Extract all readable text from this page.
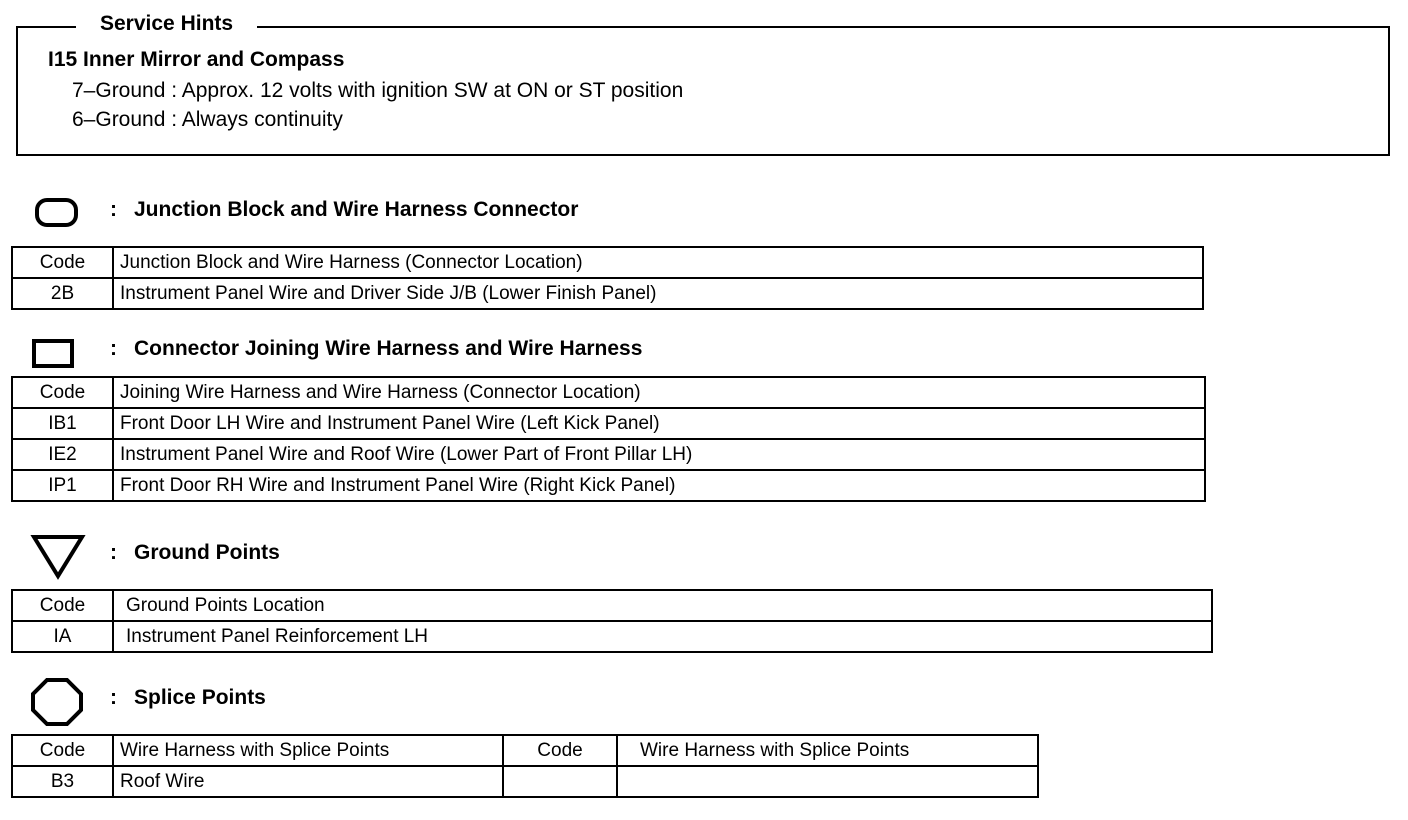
Service Hints
I15 Inner Mirror and Compass
7–Ground : Approx. 12 volts with ignition SW at ON or ST position
6–Ground : Always continuity
: Junction Block and Wire Harness Connector
Code	Junction Block and Wire Harness (Connector Location)
2B	Instrument Panel Wire and Driver Side J/B (Lower Finish Panel)
: Connector Joining Wire Harness and Wire Harness
Code	Joining Wire Harness and Wire Harness (Connector Location)
IB1	Front Door LH Wire and Instrument Panel Wire (Left Kick Panel)
IE2	Instrument Panel Wire and Roof Wire (Lower Part of Front Pillar LH)
IP1	Front Door RH Wire and Instrument Panel Wire (Right Kick Panel)
: Ground Points
Code	Ground Points Location
IA	Instrument Panel Reinforcement LH
: Splice Points
Code	Wire Harness with Splice Points	Code	Wire Harness with Splice Points
B3	Roof Wire		
